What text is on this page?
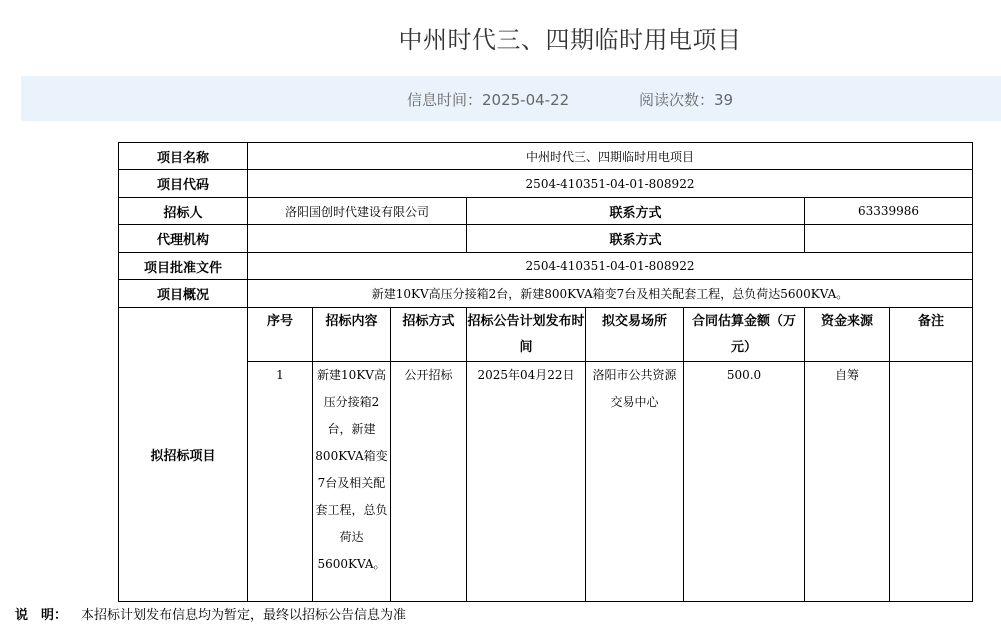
中州时代三、四期临时用电项目
信息时间：2025-04-22	阅读次数：39
项目名称	中州时代三、四期临时用电项目							
项目代码	2504-410351-04-01-808922							
招标人	洛阳国创时代建设有限公司			联系方式			63339986	
代理机构				联系方式				
项目批准文件	2504-410351-04-01-808922							
项目概况	新建10KV高压分接箱2台，新建800KVA箱变7台及相关配套工程，总负荷达5600KVA。							
拟招标项目	序号	招标内容	招标方式	招标公告计划发布时间	拟交易场所	合同估算金额（万元）	资金来源	备注
	1	新建10KV高压分接箱2台，新建800KVA箱变7台及相关配套工程，总负荷达5600KVA。	公开招标	2025年04月22日	洛阳市公共资源交易中心	500.0	自筹	
说　明： 本招标计划发布信息均为暂定，最终以招标公告信息为准
